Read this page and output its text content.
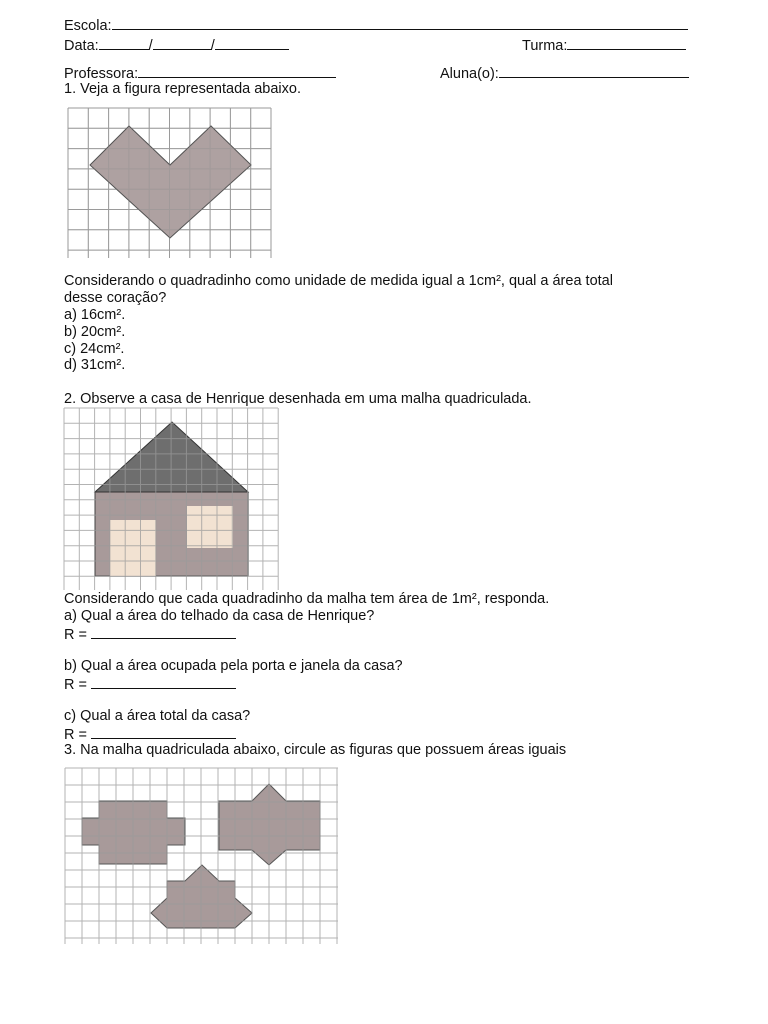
Escola:
Data:	/	/	Turma:
Professora:	Aluna(o):
1. Veja a figura representada abaixo.
Considerando o quadradinho como unidade de medida igual a 1cm², qual a área total
desse coração?
a) 16cm².
b) 20cm².
c) 24cm².
d) 31cm².
2. Observe a casa de Henrique desenhada em uma malha quadriculada.
Considerando que cada quadradinho da malha tem área de 1m², responda.
a) Qual a área do telhado da casa de Henrique?
R =
b) Qual a área ocupada pela porta e janela da casa?
R =
c) Qual a área total da casa?
R =
3. Na malha quadriculada abaixo, circule as figuras que possuem áreas iguais
